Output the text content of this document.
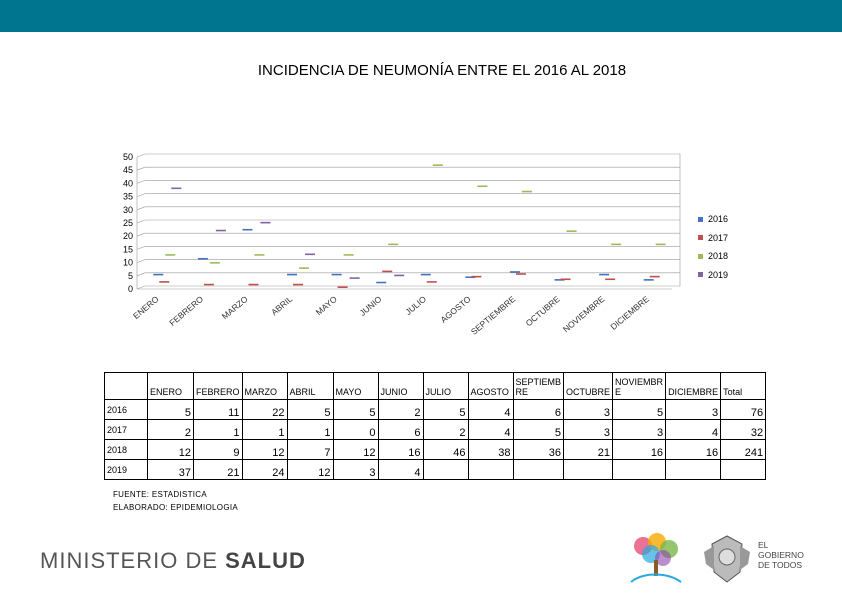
INCIDENCIA DE NEUMONÍA ENTRE EL 2016 AL 2018
0
5
10
15
20
25
30
35
40
45
50
ENERO FEBRERO MARZO ABRIL MAYO JUNIO JULIO AGOSTO
SEPTIEMBRE OCTUBRE NOVIEMBRE DICIEMBRE
2016
2017
2018
2019
	ENERO	FEBRERO	MARZO	ABRIL	MAYO	JUNIO	JULIO	AGOSTO	SEPTIEMB RE	OCTUBRE	NOVIEMBR E	DICIEMBRE	Total
2016	5	11	22	5	5	2	5	4	6	3	5	3	76
2017	2	1	1	1	0	6	2	4	5	3	3	4	32
2018	12	9	12	7	12	16	46	38	36	21	16	16	241
2019	37	21	24	12	3	4							
FUENTE: ESTADISTICA
ELABORADO: EPIDEMIOLOGIA
MINISTERIO DE SALUD
EL
GOBIERNO
DE TODOS
